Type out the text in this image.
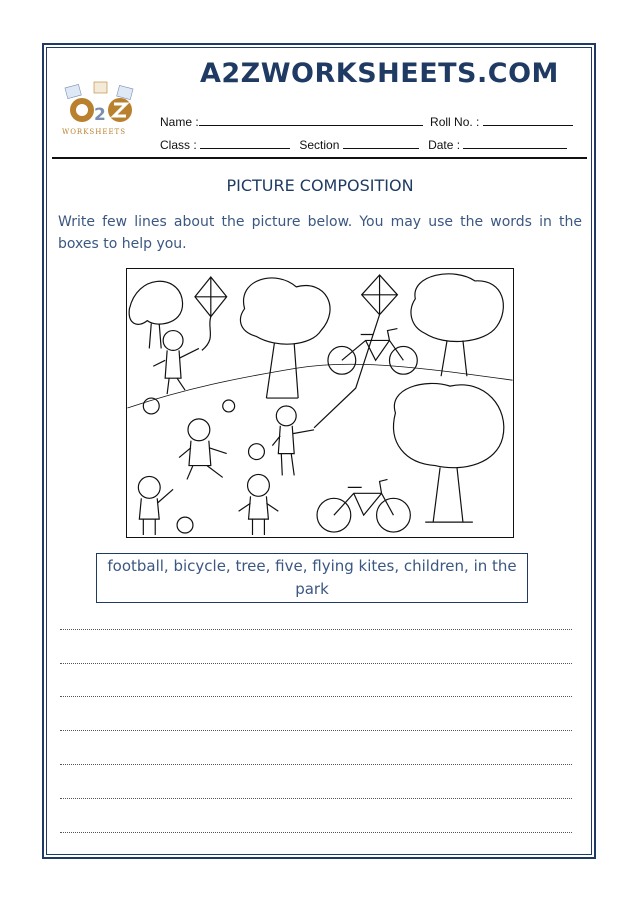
A2ZWORKSHEETS.COM
2
WORKSHEETS
Name :	Roll No. :
Class :	Section	Date :
PICTURE COMPOSITION
Write few lines about the picture below. You may use the words in the boxes to help you.
football, bicycle, tree, five, flying kites, children, in the park
